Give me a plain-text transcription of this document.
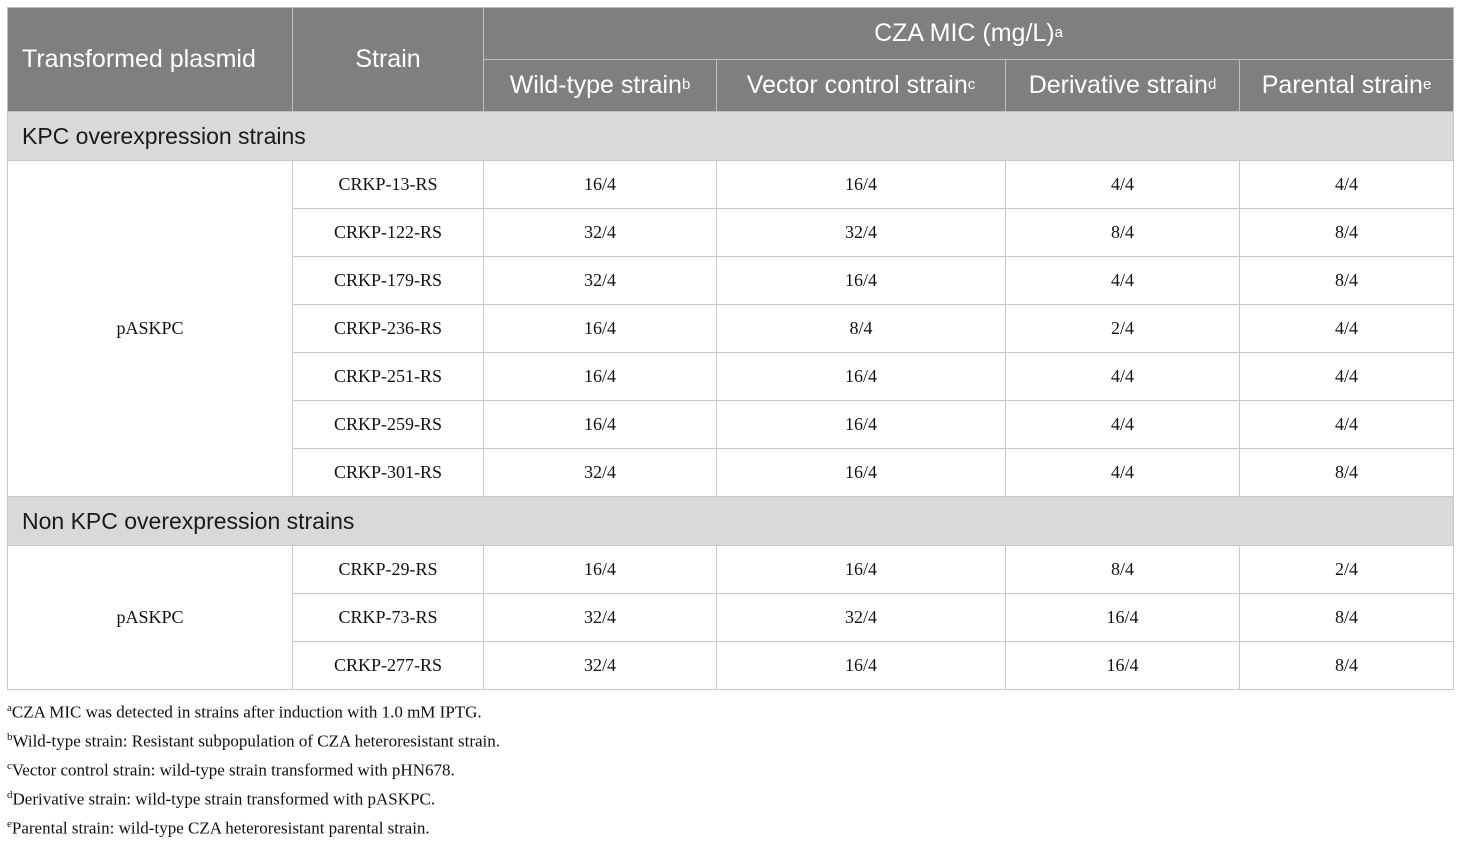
Transformed plasmid	Strain	CZA MIC $(mg/L)^a$
		Wild-type strain$^b$	Vector control strain$^c$	Derivative strain$^d$	Parental strain$^e$
KPC overexpression strains					
pASKPC	CRKP-13-RS	16/4	16/4	4/4	4/4
	CRKP-122-RS	32/4	32/4	8/4	8/4
	CRKP-179-RS	32/4	16/4	4/4	8/4
	CRKP-236-RS	16/4	8/4	2/4	4/4
	CRKP-251-RS	16/4	16/4	4/4	4/4
	CRKP-259-RS	16/4	16/4	4/4	4/4
	CRKP-301-RS	32/4	16/4	4/4	8/4
Non KPC overexpression strains					
pASKPC	CRKP-29-RS	16/4	16/4	8/4	2/4
	CRKP-73-RS	32/4	32/4	16/4	8/4
	CRKP-277-RS	32/4	16/4	16/4	8/4
$^a$CZA MIC was detected in strains after induction with 1.0 mM IPTG.
$^b$Wild-type strain: Resistant subpopulation of CZA heteroresistant strain.
$^c$Vector control strain: wild-type strain transformed with pHN678.
$^d$Derivative strain: wild-type strain transformed with pASKPC.
$^e$Parental strain: wild-type CZA heteroresistant parental strain.
